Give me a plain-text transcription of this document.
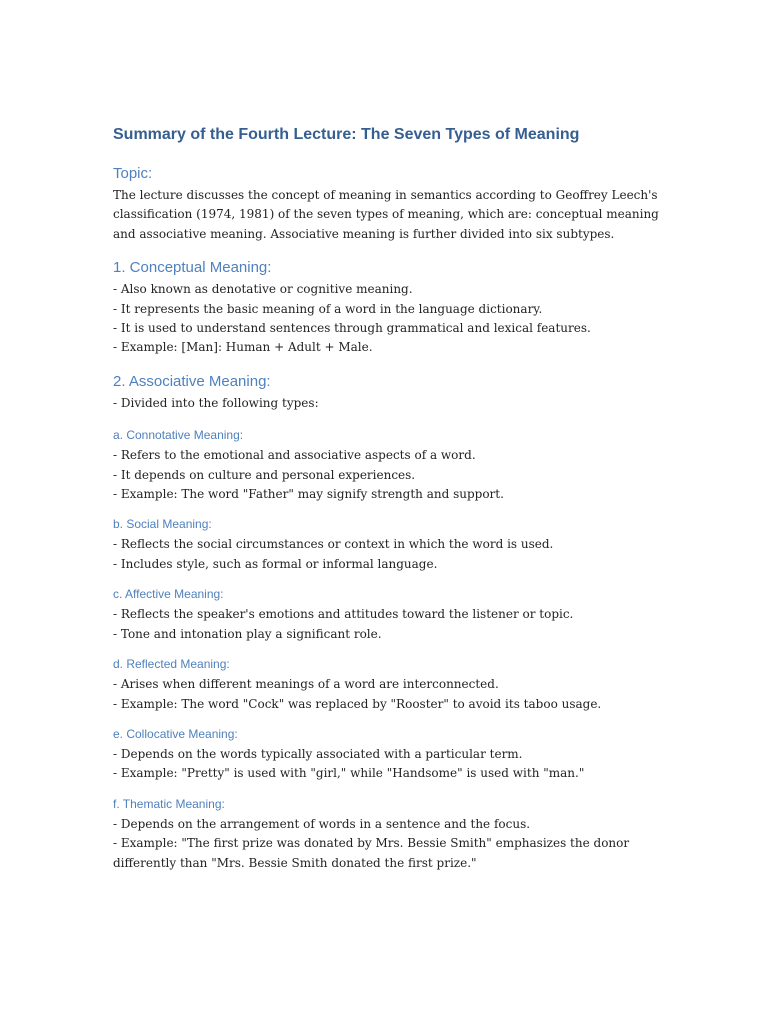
Summary of the Fourth Lecture: The Seven Types of Meaning
Topic:

The lecture discusses the concept of meaning in semantics according to Geoffrey Leech's classification (1974, 1981) of the seven types of meaning, which are: conceptual meaning and associative meaning. Associative meaning is further divided into six subtypes.

1. Conceptual Meaning:

- Also known as denotative or cognitive meaning.

- It represents the basic meaning of a word in the language dictionary.

- It is used to understand sentences through grammatical and lexical features.

- Example: [Man]: Human + Adult + Male.

2. Associative Meaning:

- Divided into the following types:

a. Connotative Meaning:

- Refers to the emotional and associative aspects of a word.

- It depends on culture and personal experiences.

- Example: The word "Father" may signify strength and support.

b. Social Meaning:

- Reflects the social circumstances or context in which the word is used.

- Includes style, such as formal or informal language.

c. Affective Meaning:

- Reflects the speaker's emotions and attitudes toward the listener or topic.

- Tone and intonation play a significant role.

d. Reflected Meaning:

- Arises when different meanings of a word are interconnected.

- Example: The word "Cock" was replaced by "Rooster" to avoid its taboo usage.

e. Collocative Meaning:

- Depends on the words typically associated with a particular term.

- Example: "Pretty" is used with "girl," while "Handsome" is used with "man."

f. Thematic Meaning:

- Depends on the arrangement of words in a sentence and the focus.

- Example: "The first prize was donated by Mrs. Bessie Smith" emphasizes the donor differently than "Mrs. Bessie Smith donated the first prize."
